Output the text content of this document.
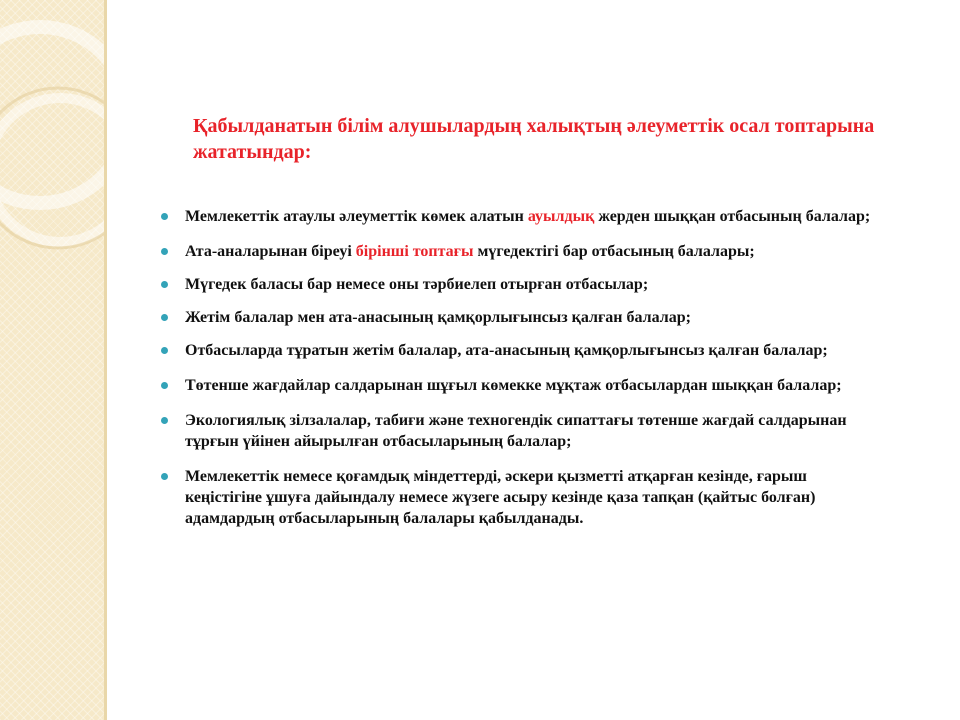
Қабылданатын білім алушылардың халықтың әлеуметтік осал топтарына жататындар:
Мемлекеттік атаулы әлеуметтік көмек алатын ауылдық жерден шыққан отбасының балалар;
Ата-аналарынан біреуі бірінші топтағы мүгедектігі бар отбасының балалары;
Мүгедек баласы бар немесе оны тәрбиелеп отырған отбасылар;
Жетім балалар мен ата-анасының қамқорлығынсыз қалған балалар;
Отбасыларда тұратын жетім балалар, ата-анасының қамқорлығынсыз қалған балалар;
Төтенше жағдайлар салдарынан шұғыл көмекке мұқтаж отбасылардан шыққан балалар;
Экологиялық зілзалалар, табиғи және техногендік сипаттағы төтенше жағдай салдарынан тұрғын үйінен айырылған отбасыларының балалар;
Мемлекеттік немесе қоғамдық міндеттерді, әскери қызметті атқарған кезінде, ғарыш кеңістігіне ұшуға дайындалу немесе жүзеге асыру кезінде қаза тапқан (қайтыс болған) адамдардың отбасыларының балалары қабылданады.
